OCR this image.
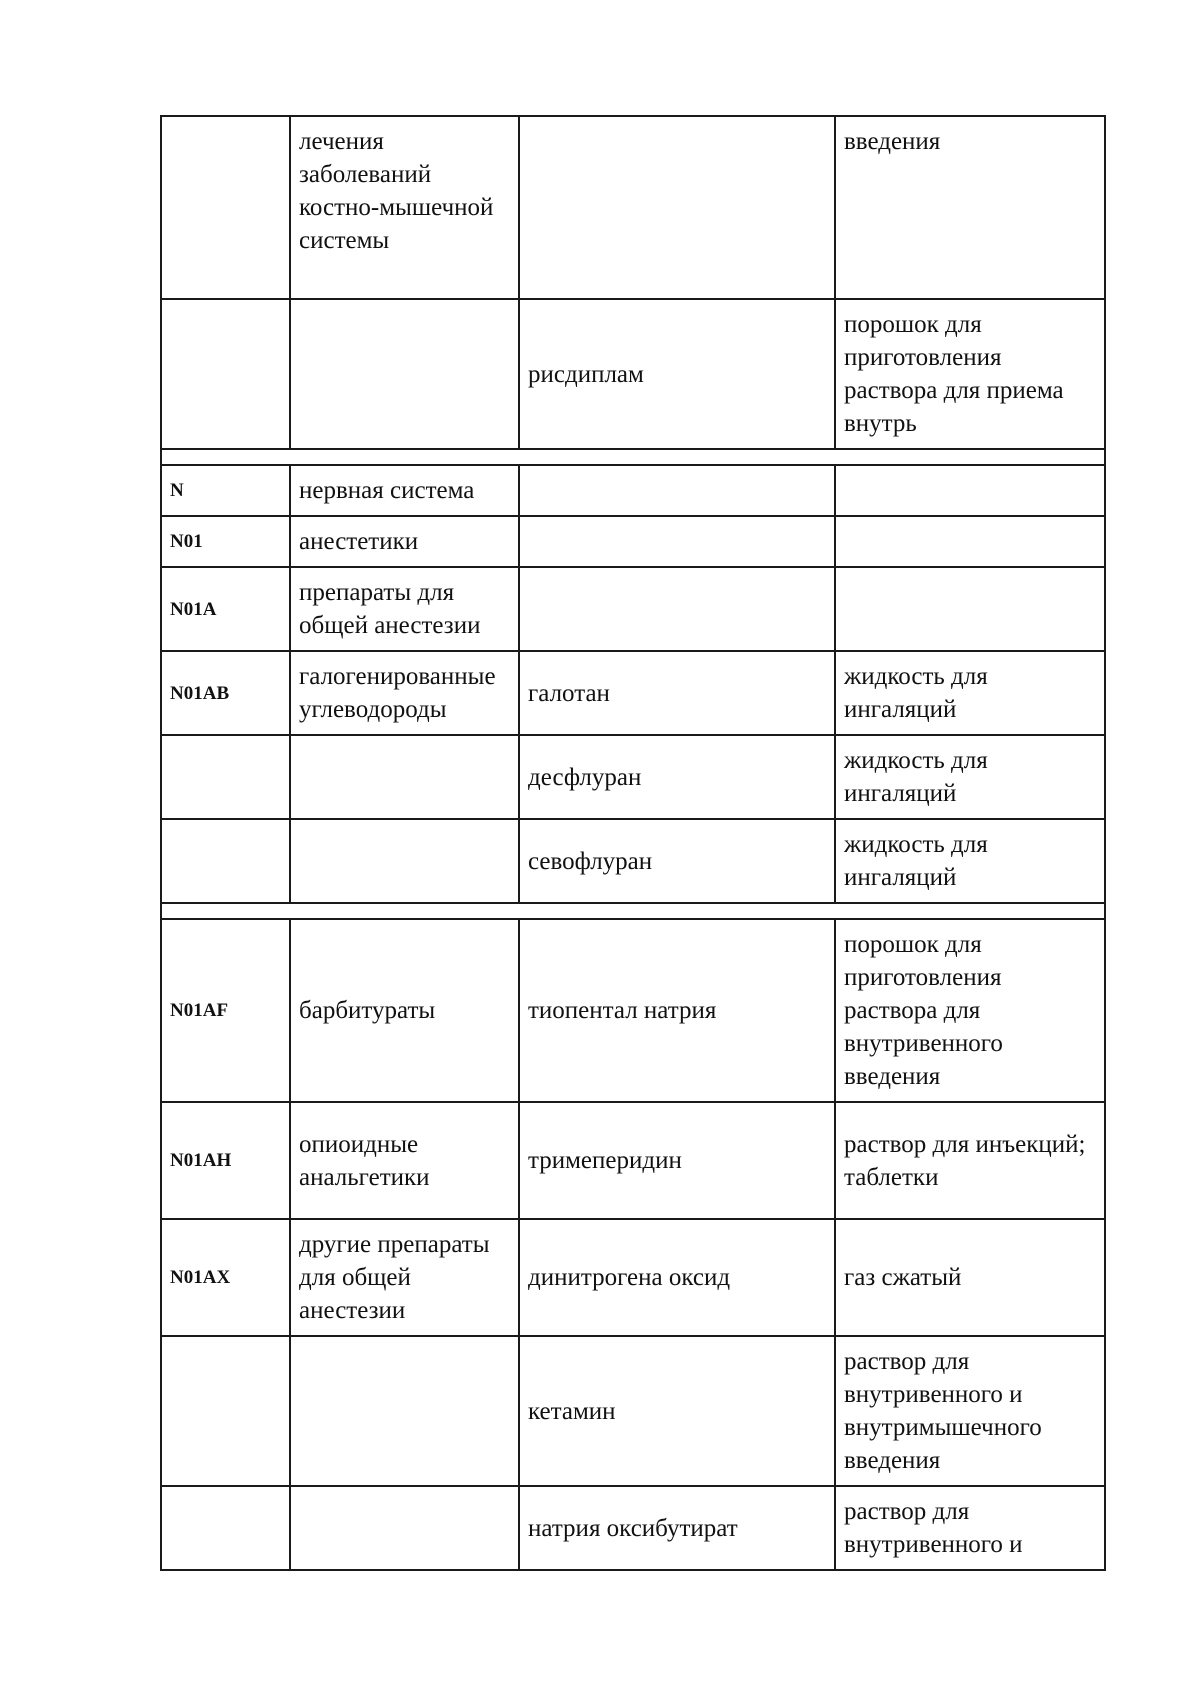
	лечения заболеваний костно-мышечной системы		введения
		рисдиплам	порошок для приготовления раствора для приема внутрь

N	нервная система		
N01	анестетики		
N01A	препараты для общей анестезии		
N01AB	галогенированные углеводороды	галотан	жидкость для ингаляций
		десфлуран	жидкость для ингаляций
		севофлуран	жидкость для ингаляций

N01AF	барбитураты	тиопентал натрия	порошок для приготовления раствора для внутривенного введения
N01AH	опиоидные анальгетики	тримеперидин	раствор для инъекций; таблетки
N01AX	другие препараты для общей анестезии	динитрогена оксид	газ сжатый
		кетамин	раствор для внутривенного и внутримышечного введения
		натрия оксибутират	раствор для внутривенного и
